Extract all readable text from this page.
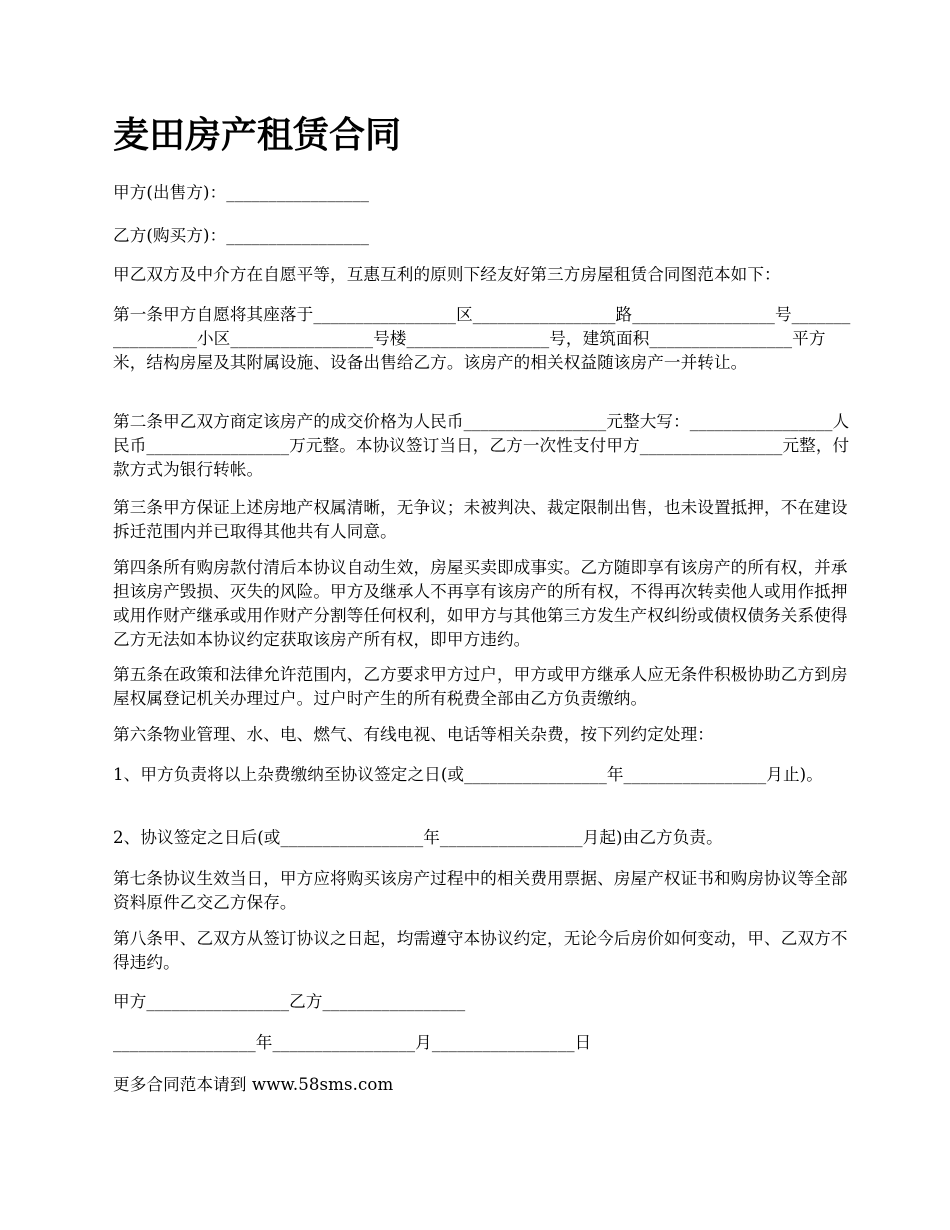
麦田房产租赁合同

甲方(出售方)：_________________

乙方(购买方)：_________________

甲乙双方及中介方在自愿平等，互惠互利的原则下经友好第三方房屋租赁合同图范本如下：

第一条甲方自愿将其座落于_________________区_________________路_________________号_________________小区_________________号楼_________________号，建筑面积_________________平方米，结构房屋及其附属设施、设备出售给乙方。该房产的相关权益随该房产一并转让。

第二条甲乙双方商定该房产的成交价格为人民币_________________元整大写：_________________人民币_________________万元整。本协议签订当日，乙方一次性支付甲方_________________元整，付款方式为银行转帐。

第三条甲方保证上述房地产权属清晰，无争议；未被判决、裁定限制出售，也未设置抵押，不在建设拆迁范围内并已取得其他共有人同意。

第四条所有购房款付清后本协议自动生效，房屋买卖即成事实。乙方随即享有该房产的所有权，并承担该房产毁损、灭失的风险。甲方及继承人不再享有该房产的所有权，不得再次转卖他人或用作抵押或用作财产继承或用作财产分割等任何权利，如甲方与其他第三方发生产权纠纷或债权债务关系使得乙方无法如本协议约定获取该房产所有权，即甲方违约。

第五条在政策和法律允许范围内，乙方要求甲方过户，甲方或甲方继承人应无条件积极协助乙方到房屋权属登记机关办理过户。过户时产生的所有税费全部由乙方负责缴纳。

第六条物业管理、水、电、燃气、有线电视、电话等相关杂费，按下列约定处理：

1、甲方负责将以上杂费缴纳至协议签定之日(或_________________年_________________月止)。

2、协议签定之日后(或_________________年_________________月起)由乙方负责。

第七条协议生效当日，甲方应将购买该房产过程中的相关费用票据、房屋产权证书和购房协议等全部资料原件乙交乙方保存。

第八条甲、乙双方从签订协议之日起，均需遵守本协议约定，无论今后房价如何变动，甲、乙双方不得违约。

甲方_________________乙方_________________

_________________年_________________月_________________日

更多合同范本请到 www.58sms.com
